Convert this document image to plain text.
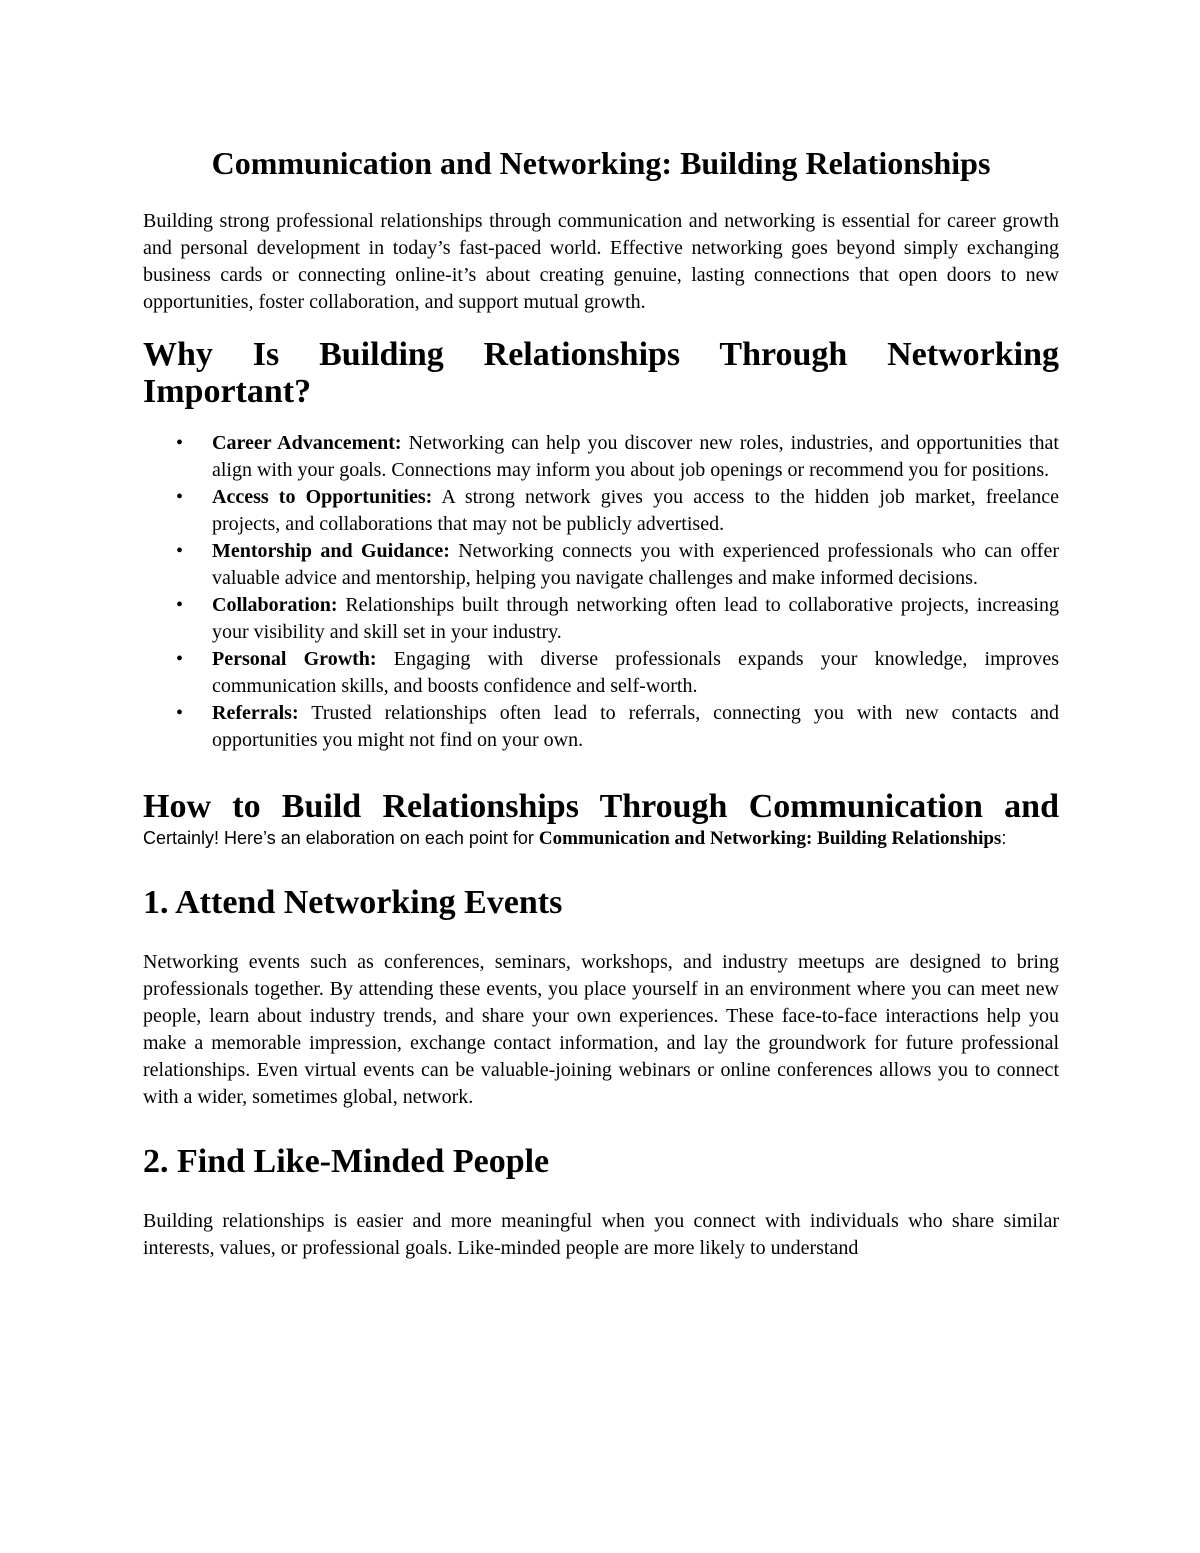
Communication and Networking: Building Relationships

Building strong professional relationships through communication and networking is essential for career growth and personal development in today’s fast-paced world. Effective networking goes beyond simply exchanging business cards or connecting online-it’s about creating genuine, lasting connections that open doors to new opportunities, foster collaboration, and support mutual growth.

Why Is Building Relationships Through Networking Important?
• Career Advancement: Networking can help you discover new roles, industries, and opportunities that align with your goals. Connections may inform you about job openings or recommend you for positions.
• Access to Opportunities: A strong network gives you access to the hidden job market, freelance projects, and collaborations that may not be publicly advertised.
• Mentorship and Guidance: Networking connects you with experienced professionals who can offer valuable advice and mentorship, helping you navigate challenges and make informed decisions.
• Collaboration: Relationships built through networking often lead to collaborative projects, increasing your visibility and skill set in your industry.
• Personal Growth: Engaging with diverse professionals expands your knowledge, improves communication skills, and boosts confidence and self-worth.
• Referrals: Trusted relationships often lead to referrals, connecting you with new contacts and opportunities you might not find on your own.
How to Build Relationships Through Communication and

Certainly! Here’s an elaboration on each point for Communication and Networking: Building Relationships:

1. Attend Networking Events

Networking events such as conferences, seminars, workshops, and industry meetups are designed to bring professionals together. By attending these events, you place yourself in an environment where you can meet new people, learn about industry trends, and share your own experiences. These face-to-face interactions help you make a memorable impression, exchange contact information, and lay the groundwork for future professional relationships. Even virtual events can be valuable-joining webinars or online conferences allows you to connect with a wider, sometimes global, network.

2. Find Like-Minded People

Building relationships is easier and more meaningful when you connect with individuals who share similar interests, values, or professional goals. Like-minded people are more likely to understand
